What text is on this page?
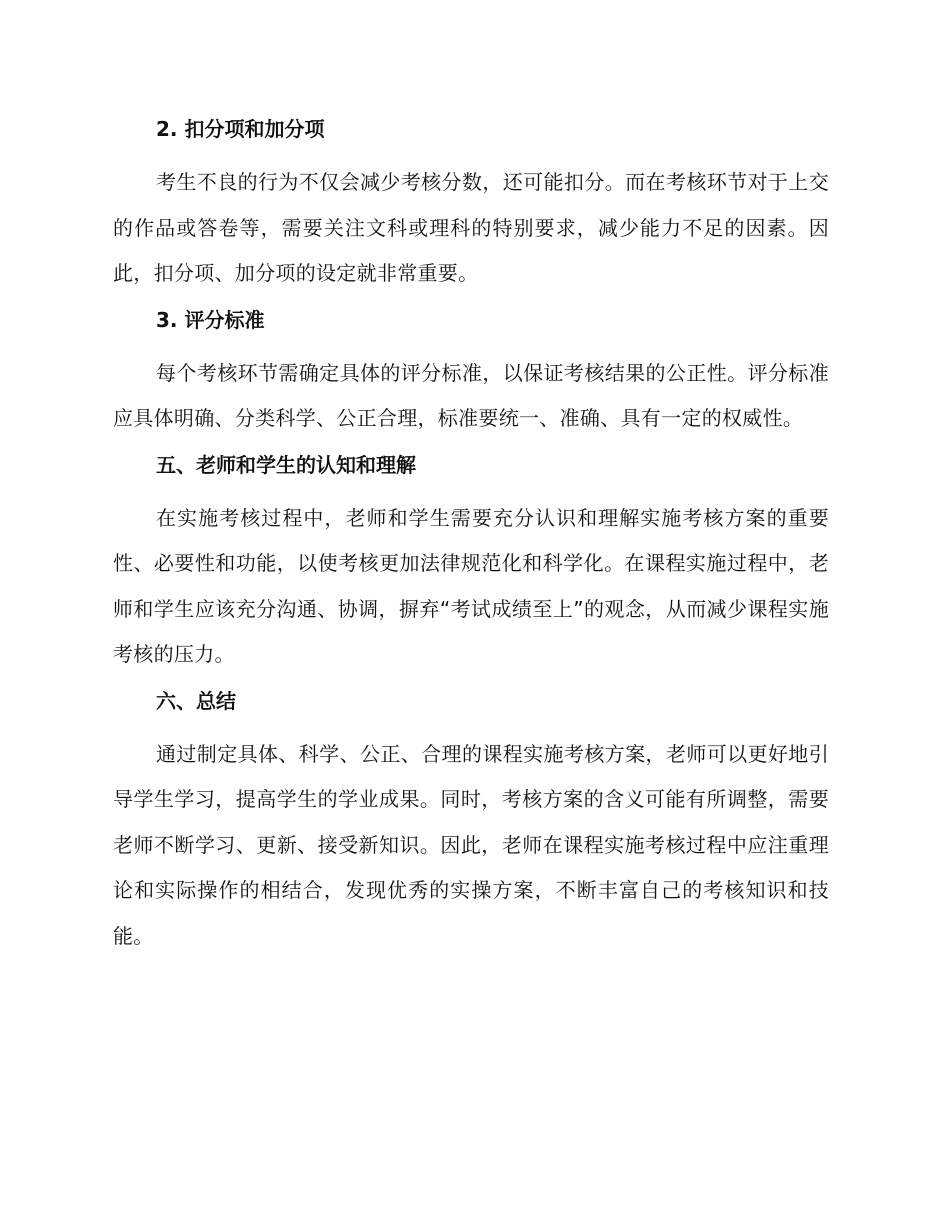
2. 扣分项和加分项

考生不良的行为不仅会减少考核分数，还可能扣分。而在考核环节对于上交的作品或答卷等，需要关注文科或理科的特别要求，减少能力不足的因素。因此，扣分项、加分项的设定就非常重要。

3. 评分标准

每个考核环节需确定具体的评分标准，以保证考核结果的公正性。评分标准应具体明确、分类科学、公正合理，标准要统一、准确、具有一定的权威性。

五、老师和学生的认知和理解

在实施考核过程中，老师和学生需要充分认识和理解实施考核方案的重要性、必要性和功能，以使考核更加法律规范化和科学化。在课程实施过程中，老师和学生应该充分沟通、协调，摒弃“考试成绩至上”的观念，从而减少课程实施考核的压力。

六、总结

通过制定具体、科学、公正、合理的课程实施考核方案，老师可以更好地引导学生学习，提高学生的学业成果。同时，考核方案的含义可能有所调整，需要老师不断学习、更新、接受新知识。因此，老师在课程实施考核过程中应注重理论和实际操作的相结合，发现优秀的实操方案，不断丰富自己的考核知识和技能。
